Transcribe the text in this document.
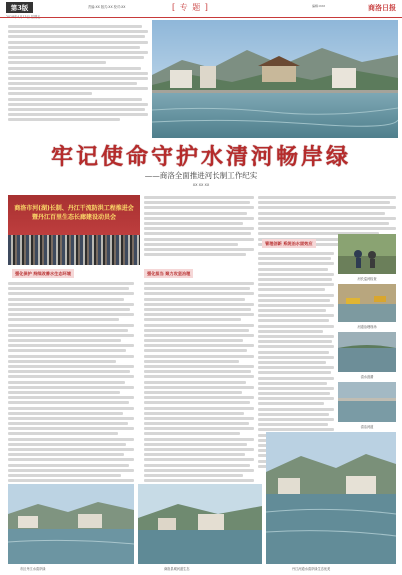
第3版	责编:XX 版式:XX 校对:XX	[ 专 题 ]	编辑:XXX	商洛日报
牢记使命守护水清河畅岸绿
——商洛全面推进河长制工作纪实
XX XX XX
商洛市河(湖)长制、丹江干流防洪工程推进会
暨丹江百里生态长廊建设动员会
强化保护 持续改善水生态环境	强化担当 聚力攻坚治理
管理创新 系统治水固效应
河长巡河检查
河道治理现场
清水涟漪
清洁河道
市区丹江水清岸绿	商洛县城河道生态	丹江河道水清岸绿生态优美
